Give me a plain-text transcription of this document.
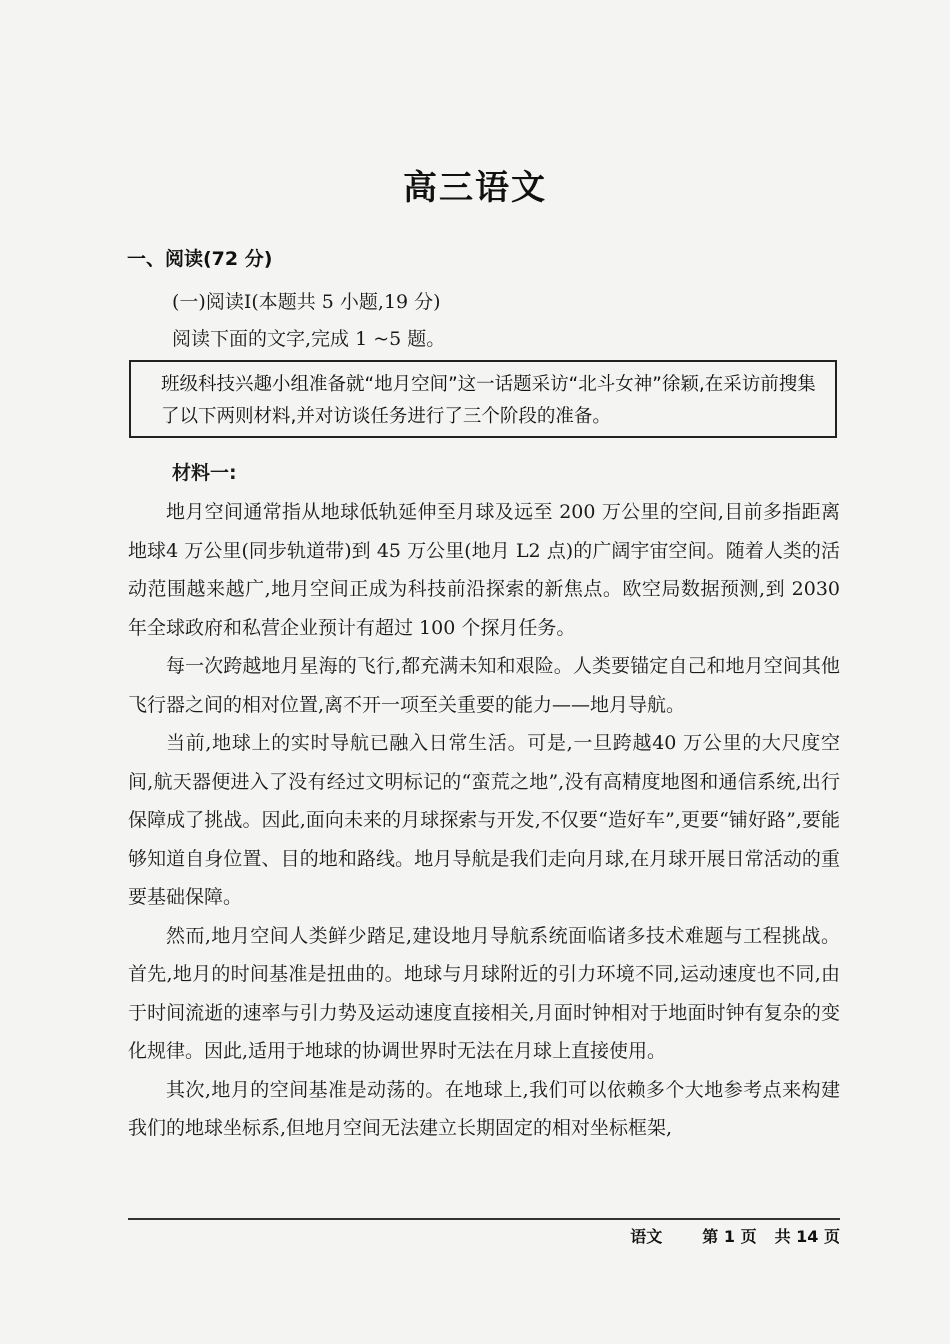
高三语文
一、阅读(72 分)
(一)阅读Ⅰ(本题共 5 小题,19 分)
阅读下面的文字,完成 1 ~5 题。
班级科技兴趣小组准备就“地月空间”这一话题采访“北斗女神”徐颖,在采访前搜集了以下两则材料,并对访谈任务进行了三个阶段的准备。
材料一:

地月空间通常指从地球低轨延伸至月球及远至 200 万公里的空间,目前多指距离地球4 万公里(同步轨道带)到 45 万公里(地月 L2 点)的广阔宇宙空间。随着人类的活动范围越来越广,地月空间正成为科技前沿探索的新焦点。欧空局数据预测,到 2030 年全球政府和私营企业预计有超过 100 个探月任务。

每一次跨越地月星海的飞行,都充满未知和艰险。人类要锚定自己和地月空间其他飞行器之间的相对位置,离不开一项至关重要的能力——地月导航。

当前,地球上的实时导航已融入日常生活。可是,一旦跨越40 万公里的大尺度空间,航天器便进入了没有经过文明标记的“蛮荒之地”,没有高精度地图和通信系统,出行保障成了挑战。因此,面向未来的月球探索与开发,不仅要“造好车”,更要“铺好路”,要能够知道自身位置、目的地和路线。地月导航是我们走向月球,在月球开展日常活动的重要基础保障。

然而,地月空间人类鲜少踏足,建设地月导航系统面临诸多技术难题与工程挑战。首先,地月的时间基准是扭曲的。地球与月球附近的引力环境不同,运动速度也不同,由于时间流逝的速率与引力势及运动速度直接相关,月面时钟相对于地面时钟有复杂的变化规律。因此,适用于地球的协调世界时无法在月球上直接使用。

其次,地月的空间基准是动荡的。在地球上,我们可以依赖多个大地参考点来构建我们的地球坐标系,但地月空间无法建立长期固定的相对坐标框架,

语文	第 1 页 共 14 页
